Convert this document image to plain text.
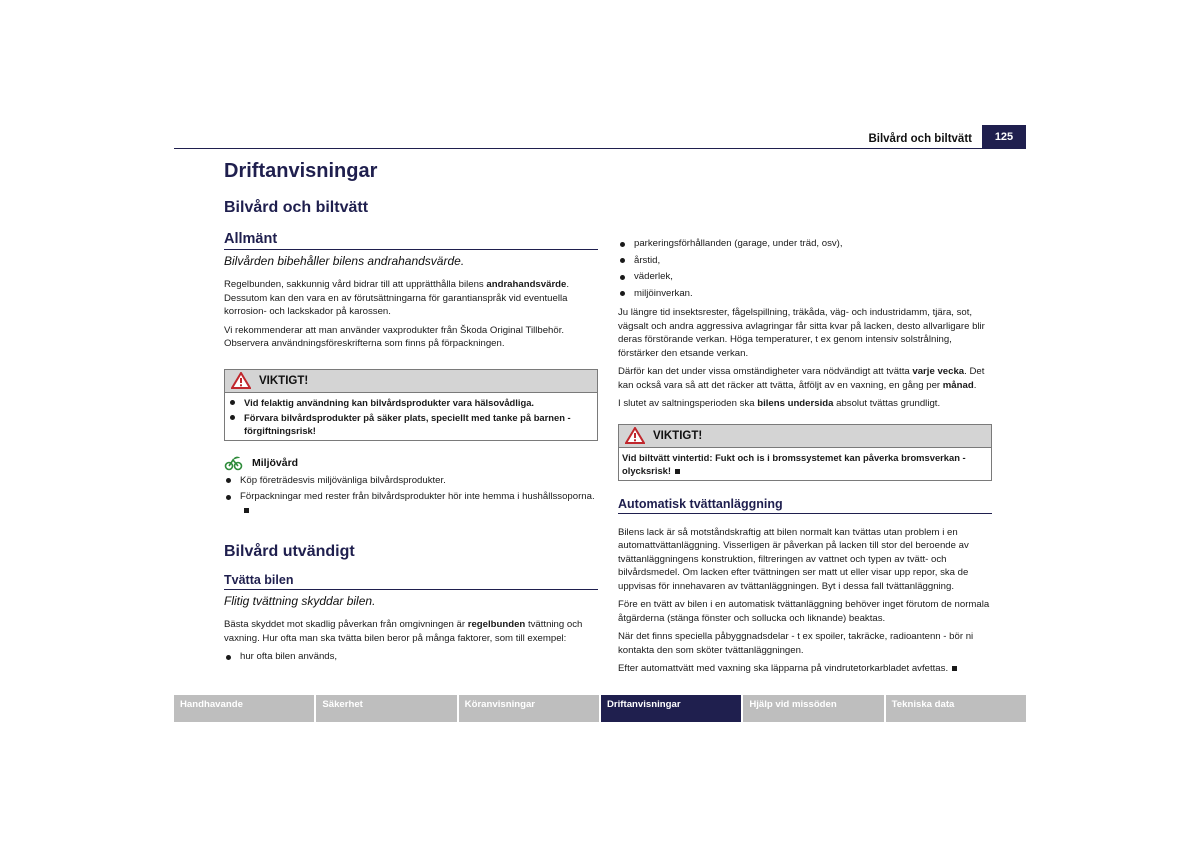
Bilvård och biltvätt	125
Driftanvisningar
Bilvård och biltvätt
Allmänt
Bilvården bibehåller bilens andrahandsvärde.

Regelbunden, sakkunnig vård bidrar till att upprätthålla bilens andrahandsvärde. Dessutom kan den vara en av förutsättningarna för garantianspråk vid eventuella korrosion- och lackskador på karossen.

Vi rekommenderar att man använder vaxprodukter från Škoda Original Tillbehör. Observera användningsföreskrifterna som finns på förpackningen.

VIKTIGT!
Vid felaktig användning kan bilvårdsprodukter vara hälsovådliga.
Förvara bilvårdsprodukter på säker plats, speciellt med tanke på barnen - förgiftningsrisk!
Miljövård
Köp företrädesvis miljövänliga bilvårdsprodukter.
Förpackningar med rester från bilvårdsprodukter hör inte hemma i hushållssoporna.
Bilvård utvändigt
Tvätta bilen
Flitig tvättning skyddar bilen.

Bästa skyddet mot skadlig påverkan från omgivningen är regelbunden tvättning och vaxning. Hur ofta man ska tvätta bilen beror på många faktorer, som till exempel:

hur ofta bilen används,
parkeringsförhållanden (garage, under träd, osv),
årstid,
väderlek,
miljöinverkan.

Ju längre tid insektsrester, fågelspillning, träkåda, väg- och industridamm, tjära, sot, vägsalt och andra aggressiva avlagringar får sitta kvar på lacken, desto allvarligare blir deras förstörande verkan. Höga temperaturer, t ex genom intensiv solstrålning, förstärker den etsande verkan.

Därför kan det under vissa omständigheter vara nödvändigt att tvätta varje vecka. Det kan också vara så att det räcker att tvätta, åtföljt av en vaxning, en gång per månad.

I slutet av saltningsperioden ska bilens undersida absolut tvättas grundligt.

VIKTIGT!

Vid biltvätt vintertid: Fukt och is i bromssystemet kan påverka bromsverkan - olycksrisk!

Automatisk tvättanläggning

Bilens lack är så motståndskraftig att bilen normalt kan tvättas utan problem i en automattvättanläggning. Visserligen är påverkan på lacken till stor del beroende av tvättanläggningens konstruktion, filtreringen av vattnet och typen av tvätt- och bilvårdsmedel. Om lacken efter tvättningen ser matt ut eller visar upp repor, ska de uppvisas för innehavaren av tvättanläggningen. Byt i dessa fall tvättanläggning.

Före en tvätt av bilen i en automatisk tvättanläggning behöver inget förutom de normala åtgärderna (stänga fönster och sollucka och liknande) beaktas.

När det finns speciella påbyggnadsdelar - t ex spoiler, takräcke, radioantenn - bör ni kontakta den som sköter tvättanläggningen.

Efter automattvätt med vaxning ska läpparna på vindrutetorkarbladet avfettas.

Handhavande	Säkerhet	Köranvisningar	Driftanvisningar	Hjälp vid missöden	Tekniska data
